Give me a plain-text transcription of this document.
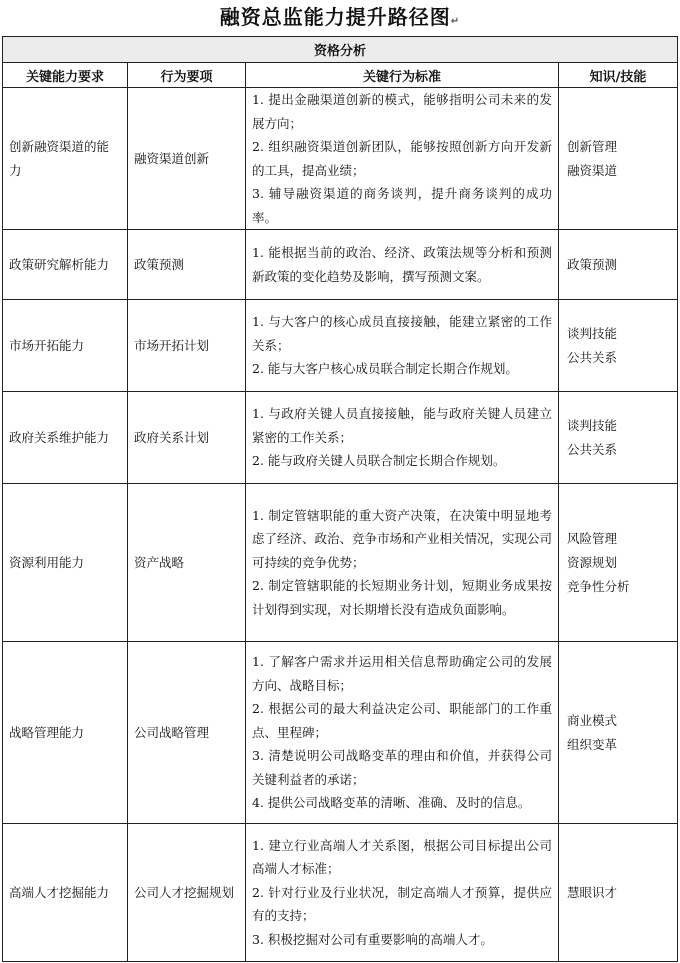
融资总监能力提升路径图↵
资格分析			
关键能力要求	行为要项	关键行为标准	知识/技能
创新融资渠道的能力	融资渠道创新	1. 提出金融渠道创新的模式，能够指明公司未来的发展方向；
2. 组织融资渠道创新团队，能够按照创新方向开发新的工具，提高业绩；
3. 辅导融资渠道的商务谈判，提升商务谈判的成功率。	创新管理
融资渠道

政策研究解析能力	政策预测	1. 能根据当前的政治、经济、政策法规等分析和预测新政策的变化趋势及影响，撰写预测文案。	政策预测

市场开拓能力	市场开拓计划	1. 与大客户的核心成员直接接触，能建立紧密的工作关系；
2. 能与大客户核心成员联合制定长期合作规划。	谈判技能
公共关系

政府关系维护能力	政府关系计划	1. 与政府关键人员直接接触，能与政府关键人员建立紧密的工作关系；
2. 能与政府关键人员联合制定长期合作规划。	谈判技能
公共关系

资源利用能力	资产战略	1. 制定管辖职能的重大资产决策，在决策中明显地考虑了经济、政治、竞争市场和产业相关情况，实现公司可持续的竞争优势；
2. 制定管辖职能的长短期业务计划，短期业务成果按计划得到实现，对长期增长没有造成负面影响。	风险管理
资源规划
竞争性分析

战略管理能力	公司战略管理	1. 了解客户需求并运用相关信息帮助确定公司的发展方向、战略目标；
2. 根据公司的最大利益决定公司、职能部门的工作重点、里程碑；
3. 清楚说明公司战略变革的理由和价值，并获得公司关键利益者的承诺；
4. 提供公司战略变革的清晰、准确、及时的信息。	商业模式
组织变革

高端人才挖掘能力	公司人才挖掘规划	1. 建立行业高端人才关系图，根据公司目标提出公司高端人才标准；
2. 针对行业及行业状况，制定高端人才预算，提供应有的支持；
3. 积极挖掘对公司有重要影响的高端人才。	慧眼识才
